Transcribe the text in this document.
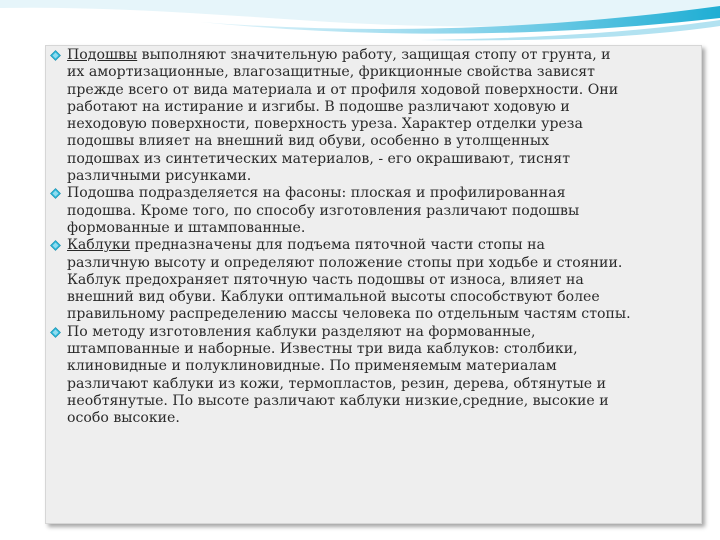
Подошвы выполняют значительную работу, защищая стопу от грунта, и
их амортизационные, влагозащитные, фрикционные свойства зависят
прежде всего от вида материала и от профиля ходовой поверхности. Они
работают на истирание и изгибы. В подошве различают ходовую и
неходовую поверхности, поверхность уреза. Характер отделки уреза
подошвы влияет на внешний вид обуви, особенно в утолщенных
подошвах из синтетических материалов, - его окрашивают, тиснят
различными рисунками.
Подошва подразделяется на фасоны: плоская и профилированная
подошва. Кроме того, по способу изготовления различают подошвы
формованные и штампованные.
Каблуки предназначены для подъема пяточной части стопы на
различную высоту и определяют положение стопы при ходьбе и стоянии.
Каблук предохраняет пяточную часть подошвы от износа, влияет на
внешний вид обуви. Каблуки оптимальной высоты способствуют более
правильному распределению массы человека по отдельным частям стопы.
По методу изготовления каблуки разделяют на формованные,
штампованные и наборные. Известны три вида каблуков: столбики,
клиновидные и полуклиновидные. По применяемым материалам
различают каблуки из кожи, термопластов, резин, дерева, обтянутые и
необтянутые. По высоте различают каблуки низкие,средние, высокие и
особо высокие.
